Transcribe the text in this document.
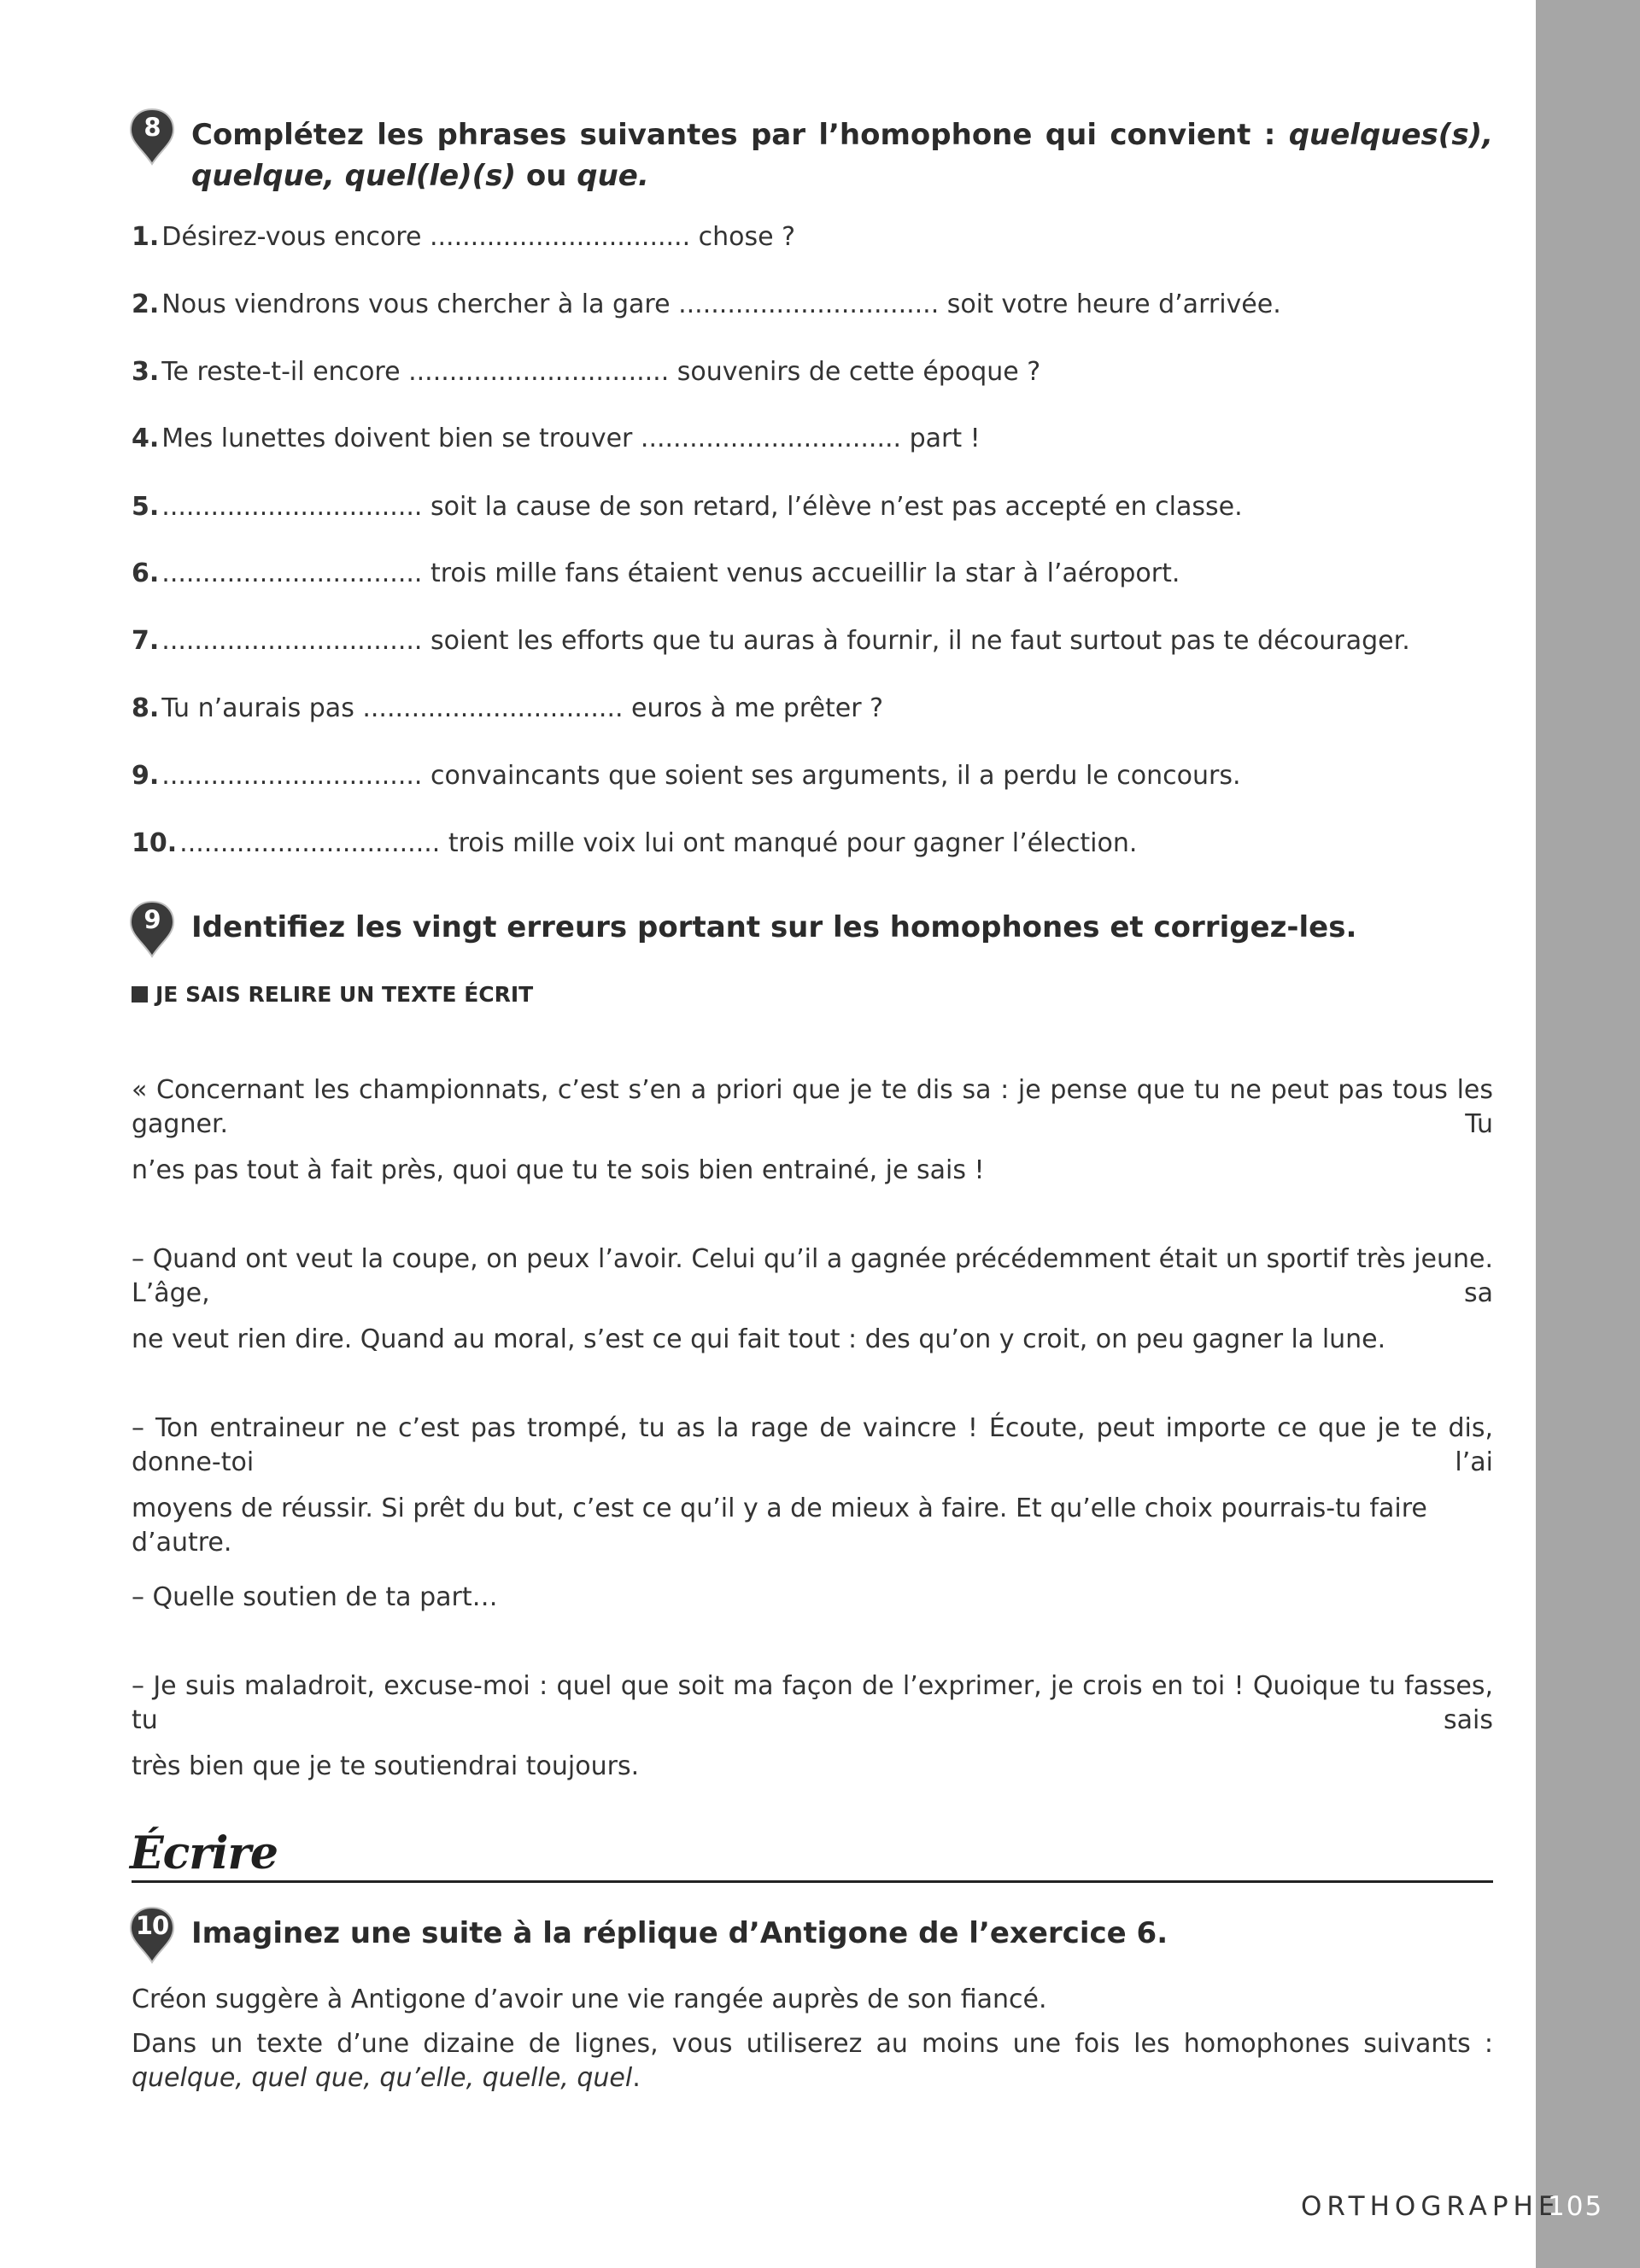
8	Complétez les phrases suivantes par l’homophone qui convient : quelques(s), quelque, quel(le)(s) ou que.
1. Désirez-vous encore ................................ chose ?
2. Nous viendrons vous chercher à la gare ................................ soit votre heure d’arrivée.
3. Te reste-t-il encore ................................ souvenirs de cette époque ?
4. Mes lunettes doivent bien se trouver ................................ part !
5. ................................ soit la cause de son retard, l’élève n’est pas accepté en classe.
6. ................................ trois mille fans étaient venus accueillir la star à l’aéroport.
7. ................................ soient les efforts que tu auras à fournir, il ne faut surtout pas te décourager.
8. Tu n’aurais pas ................................ euros à me prêter ?
9. ................................ convaincants que soient ses arguments, il a perdu le concours.
10. ................................ trois mille voix lui ont manqué pour gagner l’élection.
9	Identifiez les vingt erreurs portant sur les homophones et corrigez-les.
JE SAIS RELIRE UN TEXTE ÉCRIT
« Concernant les championnats, c’est s’en a priori que je te dis sa : je pense que tu ne peut pas tous les gagner. Tu
n’es pas tout à fait près, quoi que tu te sois bien entrainé, je sais !
– Quand ont veut la coupe, on peux l’avoir. Celui qu’il a gagnée précédemment était un sportif très jeune. L’âge, sa
ne veut rien dire. Quand au moral, s’est ce qui fait tout : des qu’on y croit, on peu gagner la lune.
– Ton entraineur ne c’est pas trompé, tu as la rage de vaincre ! Écoute, peut importe ce que je te dis, donne-toi l’ai
moyens de réussir. Si prêt du but, c’est ce qu’il y a de mieux à faire. Et qu’elle choix pourrais-tu faire d’autre.
– Quelle soutien de ta part…
– Je suis maladroit, excuse-moi : quel que soit ma façon de l’exprimer, je crois en toi ! Quoique tu fasses, tu sais
très bien que je te soutiendrai toujours.
Écrire
10 Imaginez une suite à la réplique d’Antigone de l’exercice 6.
Créon suggère à Antigone d’avoir une vie rangée auprès de son fiancé.
Dans un texte d’une dizaine de lignes, vous utiliserez au moins une fois les homophones suivants : quelque, quel que, qu’elle, quelle, quel.
ORTHOGRAPHE
105
